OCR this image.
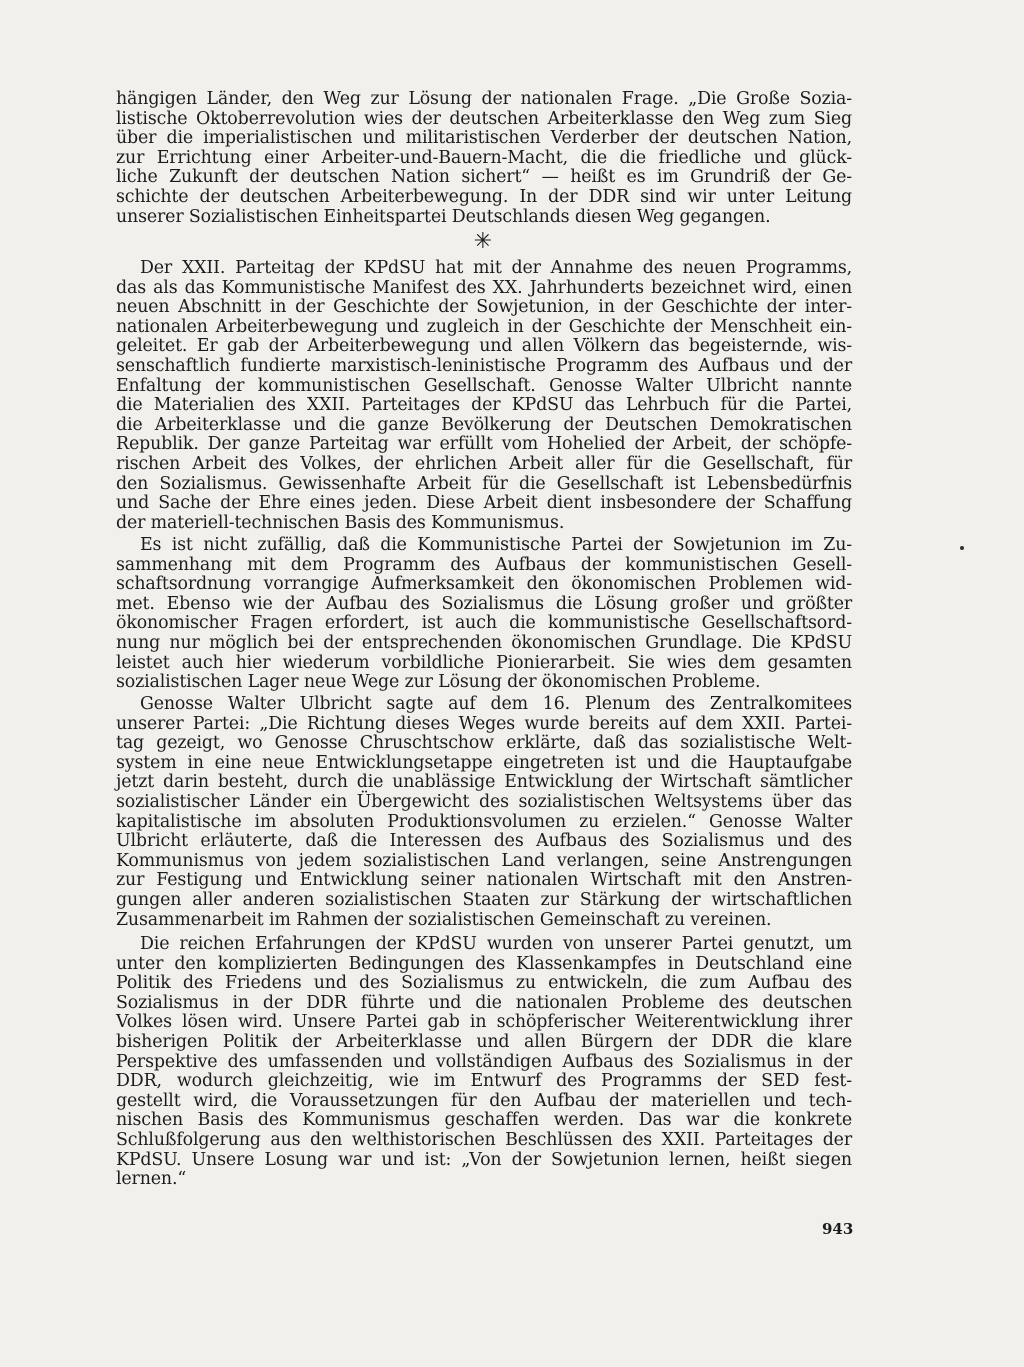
hängigen Länder, den Weg zur Lösung der nationalen Frage. „Die Große Sozia-
listische Oktoberrevolution wies der deutschen Arbeiterklasse den Weg zum Sieg
über die imperialistischen und militaristischen Verderber der deutschen Nation,
zur Errichtung einer Arbeiter-und-Bauern-Macht, die die friedliche und glück-
liche Zukunft der deutschen Nation sichert“ — heißt es im Grundriß der Ge-
schichte der deutschen Arbeiterbewegung. In der DDR sind wir unter Leitung
unserer Sozialistischen Einheitspartei Deutschlands diesen Weg gegangen.
✳
Der XXII. Parteitag der KPdSU hat mit der Annahme des neuen Programms,
das als das Kommunistische Manifest des XX. Jahrhunderts bezeichnet wird, einen
neuen Abschnitt in der Geschichte der Sowjetunion, in der Geschichte der inter-
nationalen Arbeiterbewegung und zugleich in der Geschichte der Menschheit ein-
geleitet. Er gab der Arbeiterbewegung und allen Völkern das begeisternde, wis-
senschaftlich fundierte marxistisch-leninistische Programm des Aufbaus und der
Enfaltung der kommunistischen Gesellschaft. Genosse Walter Ulbricht nannte
die Materialien des XXII. Parteitages der KPdSU das Lehrbuch für die Partei,
die Arbeiterklasse und die ganze Bevölkerung der Deutschen Demokratischen
Republik. Der ganze Parteitag war erfüllt vom Hohelied der Arbeit, der schöpfe-
rischen Arbeit des Volkes, der ehrlichen Arbeit aller für die Gesellschaft, für
den Sozialismus. Gewissenhafte Arbeit für die Gesellschaft ist Lebensbedürfnis
und Sache der Ehre eines jeden. Diese Arbeit dient insbesondere der Schaffung
der materiell-technischen Basis des Kommunismus.
Es ist nicht zufällig, daß die Kommunistische Partei der Sowjetunion im Zu-
sammenhang mit dem Programm des Aufbaus der kommunistischen Gesell-
schaftsordnung vorrangige Aufmerksamkeit den ökonomischen Problemen wid-
met. Ebenso wie der Aufbau des Sozialismus die Lösung großer und größter
ökonomischer Fragen erfordert, ist auch die kommunistische Gesellschaftsord-
nung nur möglich bei der entsprechenden ökonomischen Grundlage. Die KPdSU
leistet auch hier wiederum vorbildliche Pionierarbeit. Sie wies dem gesamten
sozialistischen Lager neue Wege zur Lösung der ökonomischen Probleme.
Genosse Walter Ulbricht sagte auf dem 16. Plenum des Zentralkomitees
unserer Partei: „Die Richtung dieses Weges wurde bereits auf dem XXII. Partei-
tag gezeigt, wo Genosse Chruschtschow erklärte, daß das sozialistische Welt-
system in eine neue Entwicklungsetappe eingetreten ist und die Hauptaufgabe
jetzt darin besteht, durch die unablässige Entwicklung der Wirtschaft sämtlicher
sozialistischer Länder ein Übergewicht des sozialistischen Weltsystems über das
kapitalistische im absoluten Produktionsvolumen zu erzielen.“ Genosse Walter
Ulbricht erläuterte, daß die Interessen des Aufbaus des Sozialismus und des
Kommunismus von jedem sozialistischen Land verlangen, seine Anstrengungen
zur Festigung und Entwicklung seiner nationalen Wirtschaft mit den Anstren-
gungen aller anderen sozialistischen Staaten zur Stärkung der wirtschaftlichen
Zusammenarbeit im Rahmen der sozialistischen Gemeinschaft zu vereinen.
Die reichen Erfahrungen der KPdSU wurden von unserer Partei genutzt, um
unter den komplizierten Bedingungen des Klassenkampfes in Deutschland eine
Politik des Friedens und des Sozialismus zu entwickeln, die zum Aufbau des
Sozialismus in der DDR führte und die nationalen Probleme des deutschen
Volkes lösen wird. Unsere Partei gab in schöpferischer Weiterentwicklung ihrer
bisherigen Politik der Arbeiterklasse und allen Bürgern der DDR die klare
Perspektive des umfassenden und vollständigen Aufbaus des Sozialismus in der
DDR, wodurch gleichzeitig, wie im Entwurf des Programms der SED fest-
gestellt wird, die Voraussetzungen für den Aufbau der materiellen und tech-
nischen Basis des Kommunismus geschaffen werden. Das war die konkrete
Schlußfolgerung aus den welthistorischen Beschlüssen des XXII. Parteitages der
KPdSU. Unsere Losung war und ist: „Von der Sowjetunion lernen, heißt siegen
lernen.“
943
